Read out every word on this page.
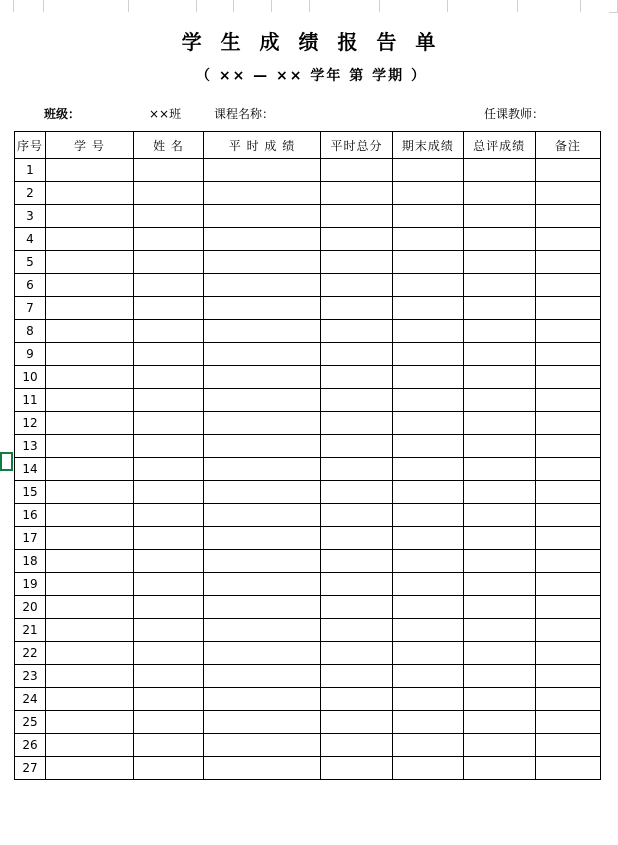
学 生 成 绩 报 告 单
（ ×× — ×× 学年 第 学期 ）
班级：	××班	课程名称：	任课教师：
序号	学 号	姓 名	平 时 成 绩	平时总分	期末成绩	总评成绩	备注
1							
2							
3							
4							
5							
6							
7							
8							
9							
10							
11							
12							
13							
14							
15							
16							
17							
18							
19							
20							
21							
22							
23							
24							
25							
26							
27							
